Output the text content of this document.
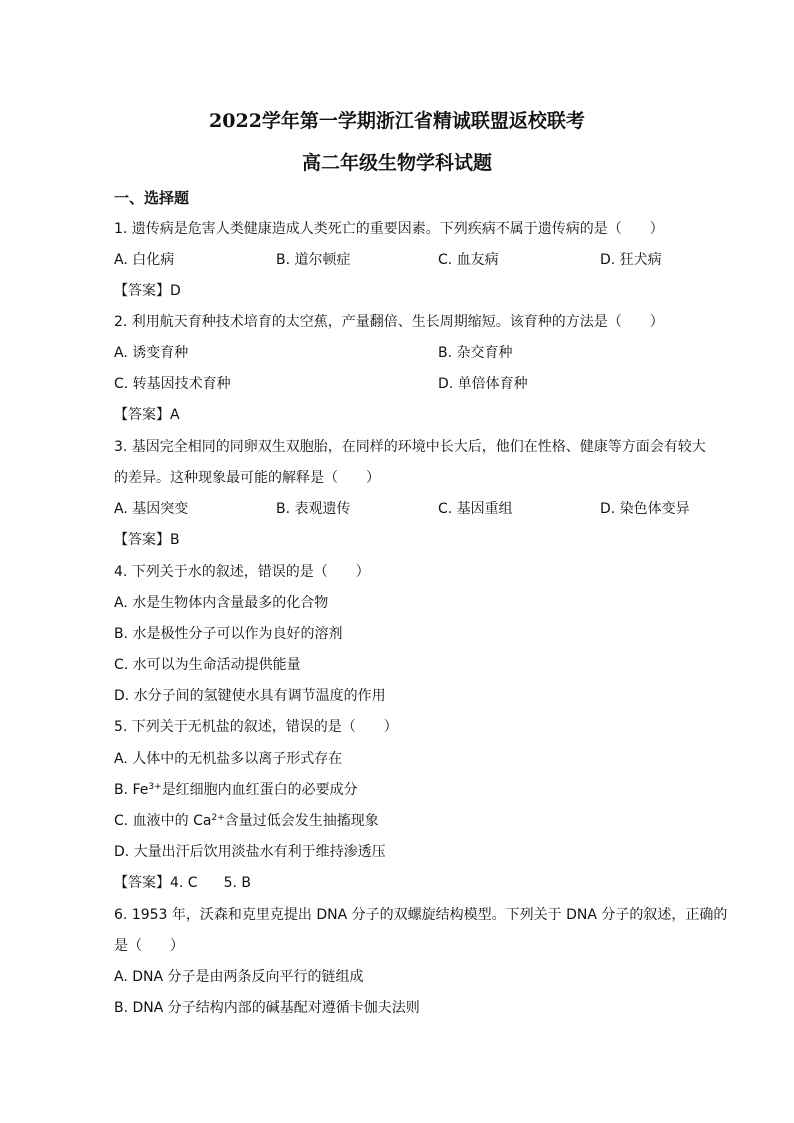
2022学年第一学期浙江省精诚联盟返校联考
高二年级生物学科试题
一、选择题
1. 遗传病是危害人类健康造成人类死亡的重要因素。下列疾病不属于遗传病的是（　　）
A. 白化病	B. 道尔顿症	C. 血友病	D. 狂犬病
【答案】D
2. 利用航天育种技术培育的太空蕉，产量翻倍、生长周期缩短。该育种的方法是（　　）
A. 诱变育种	B. 杂交育种
C. 转基因技术育种	D. 单倍体育种
【答案】A
3. 基因完全相同的同卵双生双胞胎，在同样的环境中长大后，他们在性格、健康等方面会有较大
的差异。这种现象最可能的解释是（　　）
A. 基因突变	B. 表观遗传	C. 基因重组	D. 染色体变异
【答案】B
4. 下列关于水的叙述，错误的是（　　）
A. 水是生物体内含量最多的化合物
B. 水是极性分子可以作为良好的溶剂
C. 水可以为生命活动提供能量
D. 水分子间的氢键使水具有调节温度的作用
5. 下列关于无机盐的叙述，错误的是（　　）
A. 人体中的无机盐多以离子形式存在
B. $Fe^{3+}$是红细胞内血红蛋白的必要成分
C. 血液中的 $Ca^{2+}$含量过低会发生抽搐现象
D. 大量出汗后饮用淡盐水有利于维持渗透压
【答案】4. C 5. B
6. 1953 年，沃森和克里克提出 DNA 分子的双螺旋结构模型。下列关于 DNA 分子的叙述，正确的
是（　　）
A. DNA 分子是由两条反向平行的链组成
B. DNA 分子结构内部的碱基配对遵循卡伽夫法则
